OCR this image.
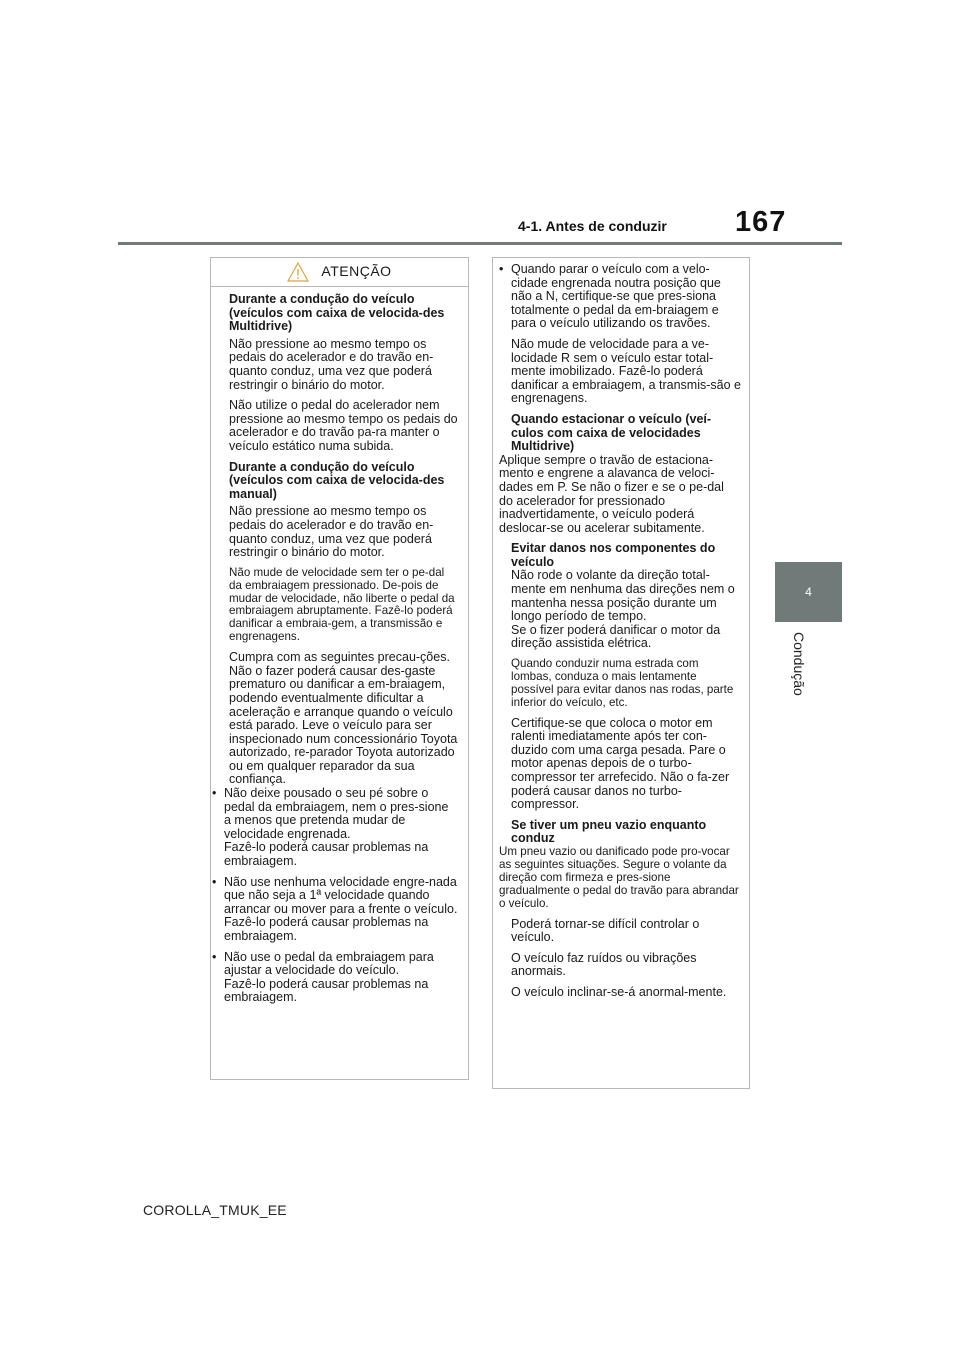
4-1. Antes de conduzir 167
4
Condução
ATENÇÃO

Durante a condução do veículo (veículos com caixa de velocida-des Multidrive)

Não pressione ao mesmo tempo os pedais do acelerador e do travão en-quanto conduz, uma vez que poderá restringir o binário do motor.

Não utilize o pedal do acelerador nem pressione ao mesmo tempo os pedais do acelerador e do travão pa-ra manter o veículo estático numa subida.

Durante a condução do veículo (veículos com caixa de velocida-des manual)

Não pressione ao mesmo tempo os pedais do acelerador e do travão en-quanto conduz, uma vez que poderá restringir o binário do motor.

Não mude de velocidade sem ter o pe-dal da embraiagem pressionado. De-pois de mudar de velocidade, não liberte o pedal da embraiagem abruptamente. Fazê-lo poderá danificar a embraia-gem, a transmissão e engrenagens.

Cumpra com as seguintes precau-ções. Não o fazer poderá causar des-gaste prematuro ou danificar a em-braiagem, podendo eventualmente dificultar a aceleração e arranque quando o veículo está parado. Leve o veículo para ser inspecionado num concessionário Toyota autorizado, re-parador Toyota autorizado ou em qualquer reparador da sua confiança.

• Não deixe pousado o seu pé sobre o pedal da embraiagem, nem o pres-sione a menos que pretenda mudar de velocidade engrenada.
Fazê-lo poderá causar problemas na embraiagem.
• Não use nenhuma velocidade engre-nada que não seja a 1ª velocidade quando arrancar ou mover para a frente o veículo.
Fazê-lo poderá causar problemas na embraiagem.
• Não use o pedal da embraiagem para ajustar a velocidade do veículo.
Fazê-lo poderá causar problemas na embraiagem.
• Quando parar o veículo com a velo-cidade engrenada noutra posição que não a N, certifique-se que pres-siona totalmente o pedal da em-braiagem e para o veículo utilizando os travões.

Não mude de velocidade para a ve-locidade R sem o veículo estar total-mente imobilizado. Fazê-lo poderá danificar a embraiagem, a transmis-são e engrenagens.

Quando estacionar o veículo (veí-culos com caixa de velocidades Multidrive)

Aplique sempre o travão de estaciona-mento e engrene a alavanca de veloci-dades em P. Se não o fizer e se o pe-dal do acelerador for pressionado inadvertidamente, o veículo poderá deslocar-se ou acelerar subitamente.

Evitar danos nos componentes do veículo

Não rode o volante da direção total-mente em nenhuma das direções nem o mantenha nessa posição durante um longo período de tempo.

Se o fizer poderá danificar o motor da direção assistida elétrica.

Quando conduzir numa estrada com lombas, conduza o mais lentamente possível para evitar danos nas rodas, parte inferior do veículo, etc.

Certifique-se que coloca o motor em ralenti imediatamente após ter con-duzido com uma carga pesada. Pare o motor apenas depois de o turbo-compressor ter arrefecido. Não o fa-zer poderá causar danos no turbo-compressor.

Se tiver um pneu vazio enquanto conduz

Um pneu vazio ou danificado pode pro-vocar as seguintes situações. Segure o volante da direção com firmeza e pres-sione gradualmente o pedal do travão para abrandar o veículo.

Poderá tornar-se difícil controlar o veículo.

O veículo faz ruídos ou vibrações anormais.

O veículo inclinar-se-á anormal-mente.

COROLLA_TMUK_EE
